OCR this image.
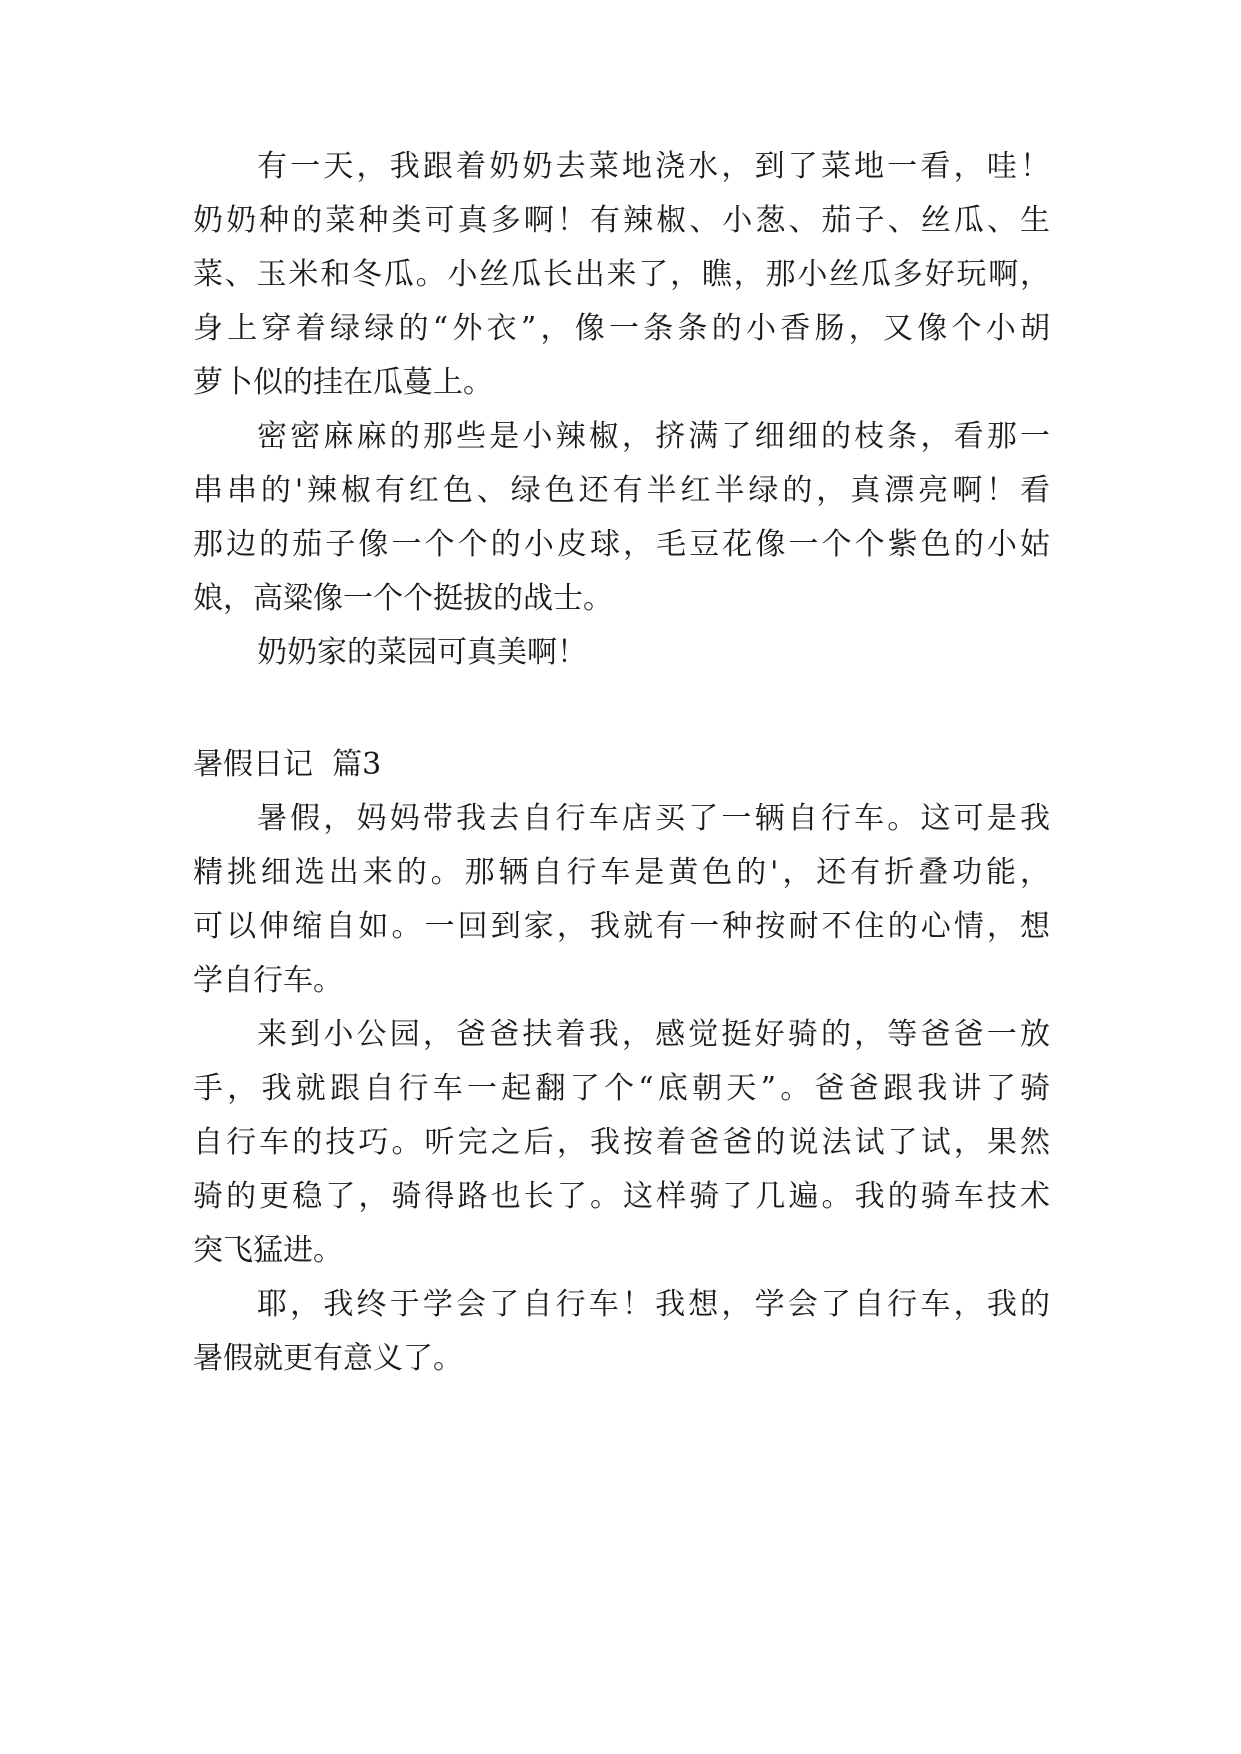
有一天，我跟着奶奶去菜地浇水，到了菜地一看，哇！
奶奶种的菜种类可真多啊！有辣椒、小葱、茄子、丝瓜、生
菜、玉米和冬瓜。小丝瓜长出来了，瞧，那小丝瓜多好玩啊，
身上穿着绿绿的“外衣”，像一条条的小香肠，又像个小胡
萝卜似的挂在瓜蔓上。
密密麻麻的那些是小辣椒，挤满了细细的枝条，看那一
串串的'辣椒有红色、绿色还有半红半绿的，真漂亮啊！看
那边的茄子像一个个的小皮球，毛豆花像一个个紫色的小姑
娘，高粱像一个个挺拔的战士。
奶奶家的菜园可真美啊！
暑假日记  篇3
暑假，妈妈带我去自行车店买了一辆自行车。这可是我
精挑细选出来的。那辆自行车是黄色的'，还有折叠功能，
可以伸缩自如。一回到家，我就有一种按耐不住的心情，想
学自行车。
来到小公园，爸爸扶着我，感觉挺好骑的，等爸爸一放
手，我就跟自行车一起翻了个“底朝天”。爸爸跟我讲了骑
自行车的技巧。听完之后，我按着爸爸的说法试了试，果然
骑的更稳了，骑得路也长了。这样骑了几遍。我的骑车技术
突飞猛进。
耶，我终于学会了自行车！我想，学会了自行车，我的
暑假就更有意义了。
